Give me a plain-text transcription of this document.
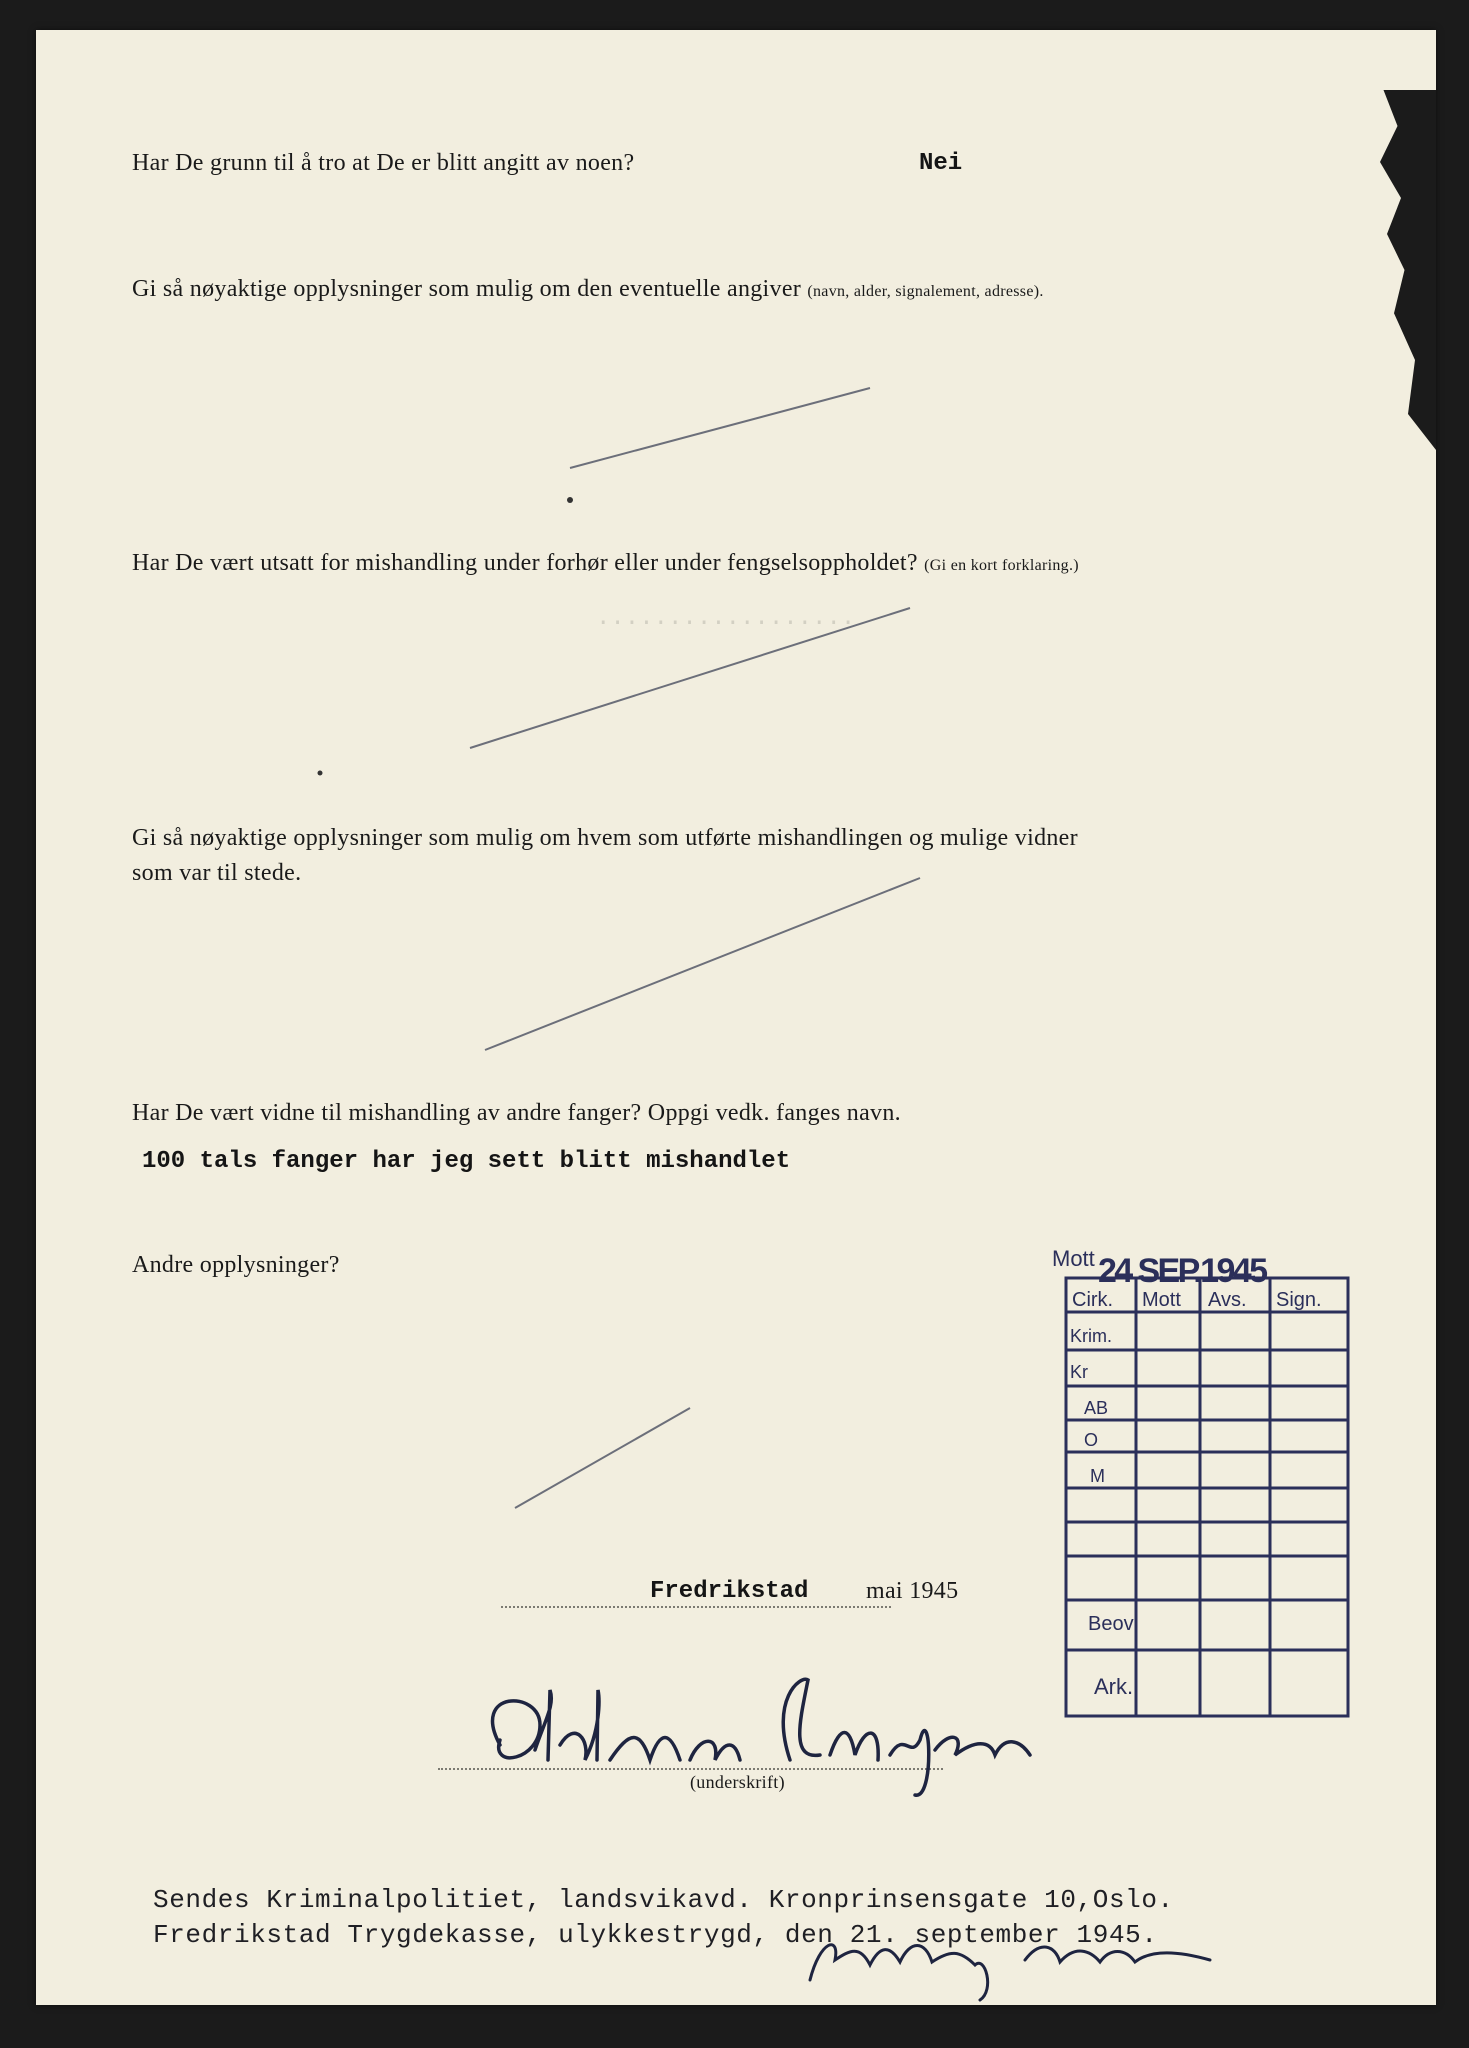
..................
Har De grunn til å tro at De er blitt angitt av noen?	Nei
Gi så nøyaktige opplysninger som mulig om den eventuelle angiver (navn, alder, signalement, adresse).
Har De vært utsatt for mishandling under forhør eller under fengselsoppholdet? (Gi en kort forklaring.)
Gi så nøyaktige opplysninger som mulig om hvem som utførte mishandlingen og mulige vidner
som var til stede.
Har De vært vidne til mishandling av andre fanger? Oppgi vedk. fanges navn.
100 tals fanger har jeg sett blitt mishandlet
Andre opplysninger?
Fredrikstad mai 1945
(underskrift)
Sendes Kriminalpolitiet, landsvikavd. Kronprinsensgate 10,Oslo.
Fredrikstad Trygdekasse, ulykkestrygd, den 21. september 1945.
Mott 24 SEP.1945
Cirk. Mott Avs. Sign.
Krim.
Kr
AB
O
M
Beov
Ark.
